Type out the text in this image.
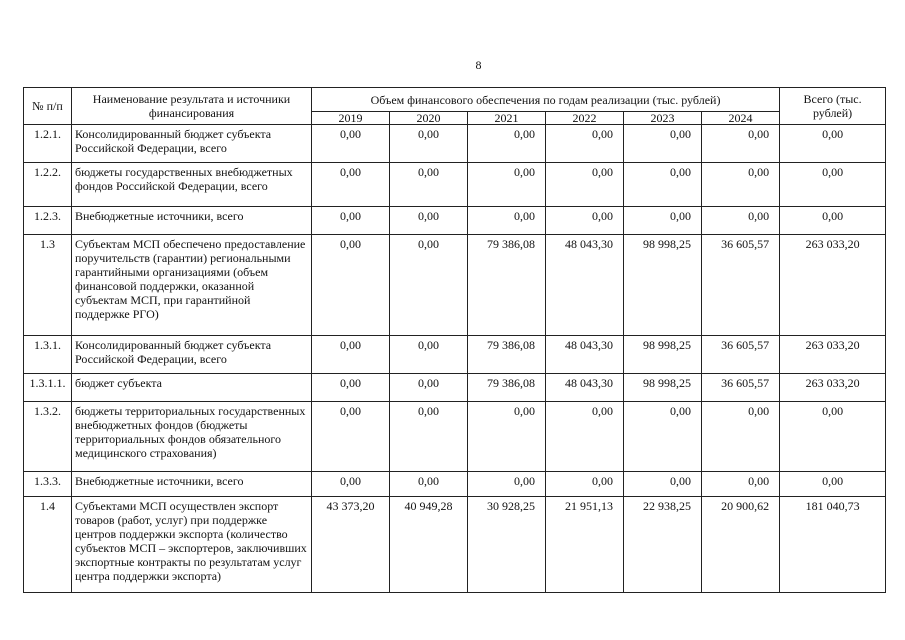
8
№ п/п	Наименование результата и источники финансирования	Объем финансового обеспечения по годам реализации (тыс. рублей)						Всего (тыс. рублей)
		2019	2020	2021	2022	2023	2024	
1.2.1.	Консолидированный бюджет субъекта Российской Федерации, всего	0,00	0,00	0,00	0,00	0,00	0,00	0,00
1.2.2.	бюджеты государственных внебюджетных фондов Российской Федерации, всего	0,00	0,00	0,00	0,00	0,00	0,00	0,00
1.2.3.	Внебюджетные источники, всего	0,00	0,00	0,00	0,00	0,00	0,00	0,00
1.3	Субъектам МСП обеспечено предоставление поручительств (гарантии) региональными гарантийными организациями (объем финансовой поддержки, оказанной субъектам МСП, при гарантийной поддержке РГО)	0,00	0,00	79 386,08	48 043,30	98 998,25	36 605,57	263 033,20
1.3.1.	Консолидированный бюджет субъекта Российской Федерации, всего	0,00	0,00	79 386,08	48 043,30	98 998,25	36 605,57	263 033,20
1.3.1.1.	бюджет субъекта	0,00	0,00	79 386,08	48 043,30	98 998,25	36 605,57	263 033,20
1.3.2.	бюджеты территориальных государственных внебюджетных фондов (бюджеты территориальных фондов обязательного медицинского страхования)	0,00	0,00	0,00	0,00	0,00	0,00	0,00
1.3.3.	Внебюджетные источники, всего	0,00	0,00	0,00	0,00	0,00	0,00	0,00
1.4	Субъектами МСП осуществлен экспорт товаров (работ, услуг) при поддержке центров поддержки экспорта (количество субъектов МСП – экспортеров, заключивших экспортные контракты по результатам услуг центра поддержки экспорта)	43 373,20	40 949,28	30 928,25	21 951,13	22 938,25	20 900,62	181 040,73
